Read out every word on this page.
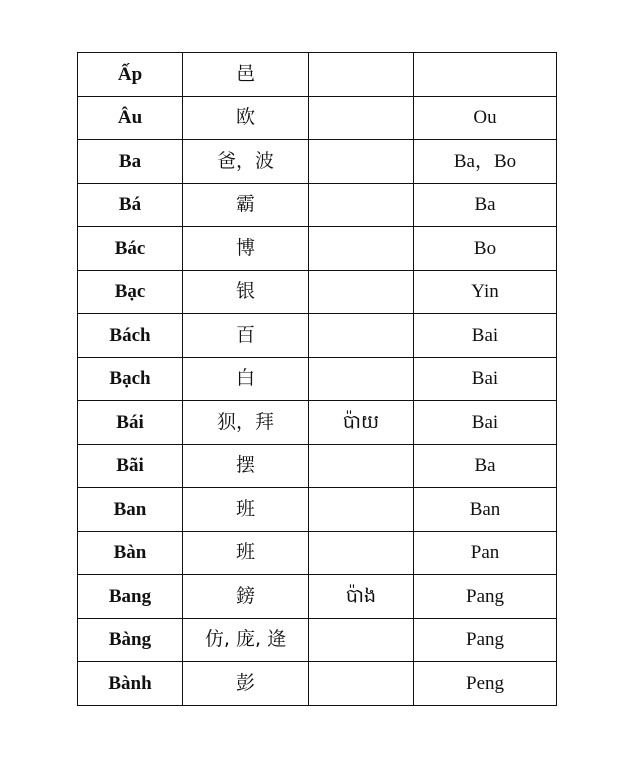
Ấp	邑		
Âu	欧		Ou
Ba	爸，波		Ba，Bo
Bá	霸		Ba
Bác	博		Bo
Bạc	银		Yin
Bách	百		Bai
Bạch	白		Bai
Bái	狈，拜	ប៉ាយ	Bai
Bãi	摆		Ba
Ban	班		Ban
Bàn	班		Pan
Bang	鎊	ប៉ាង	Pang
Bàng	仿, 庞, 逄		Pang
Bành	彭		Peng
